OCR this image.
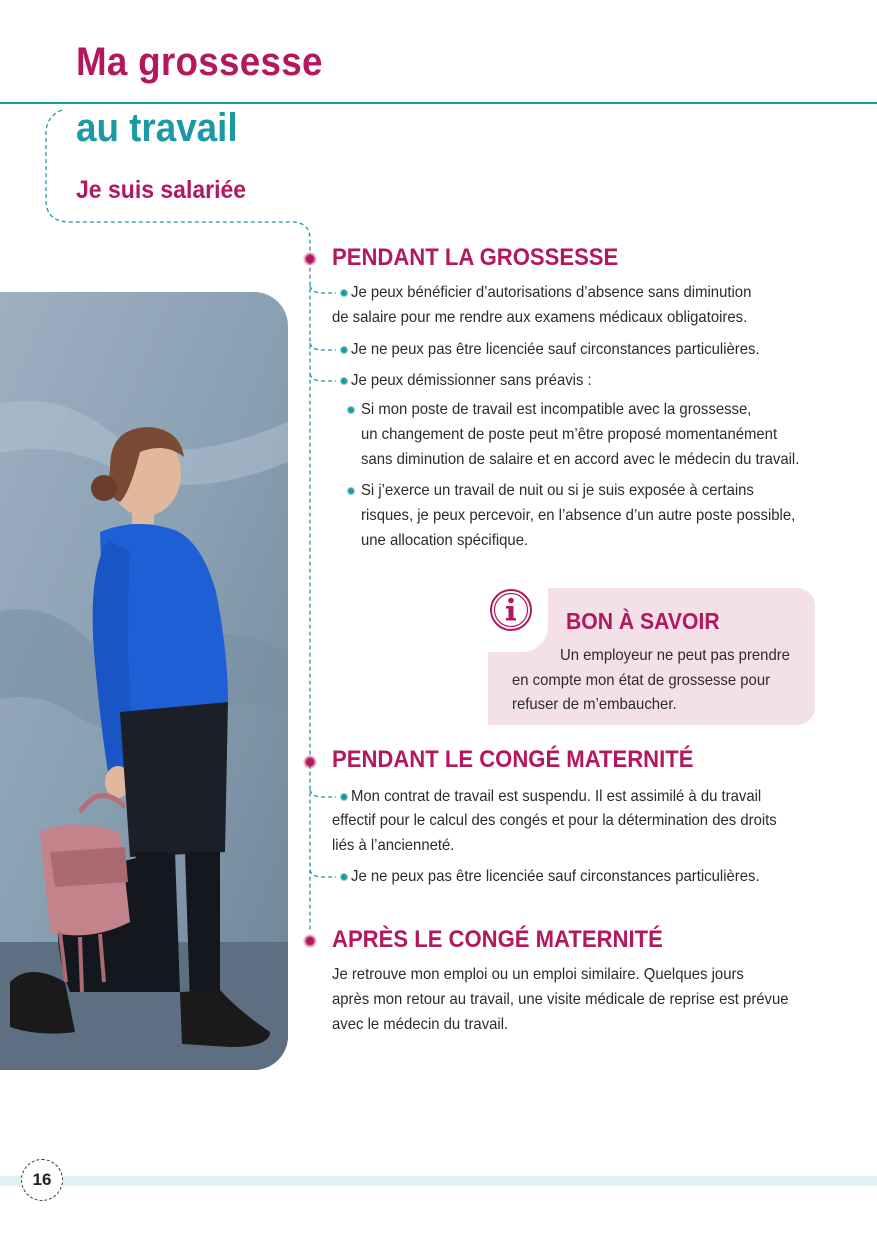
Ma grossesse
au travail
Je suis salariée
PENDANT LA GROSSESSE
Je peux bénéficier d’autorisations d’absence sans diminution
de salaire pour me rendre aux examens médicaux obligatoires.
Je ne peux pas être licenciée sauf circonstances particulières.
Je peux démissionner sans préavis :
Si mon poste de travail est incompatible avec la grossesse,
un changement de poste peut m’être proposé momentanément
sans diminution de salaire et en accord avec le médecin du travail.
Si j’exerce un travail de nuit ou si je suis exposée à certains
risques, je peux percevoir, en l’absence d’un autre poste possible,
une allocation spécifique.
BON À SAVOIR
Un employeur ne peut pas prendre
en compte mon état de grossesse pour
refuser de m’embaucher.
PENDANT LE CONGÉ MATERNITÉ
Mon contrat de travail est suspendu. Il est assimilé à du travail
effectif pour le calcul des congés et pour la détermination des droits
liés à l’ancienneté.
Je ne peux pas être licenciée sauf circonstances particulières.
APRÈS LE CONGÉ MATERNITÉ
Je retrouve mon emploi ou un emploi similaire. Quelques jours
après mon retour au travail, une visite médicale de reprise est prévue
avec le médecin du travail.
16
